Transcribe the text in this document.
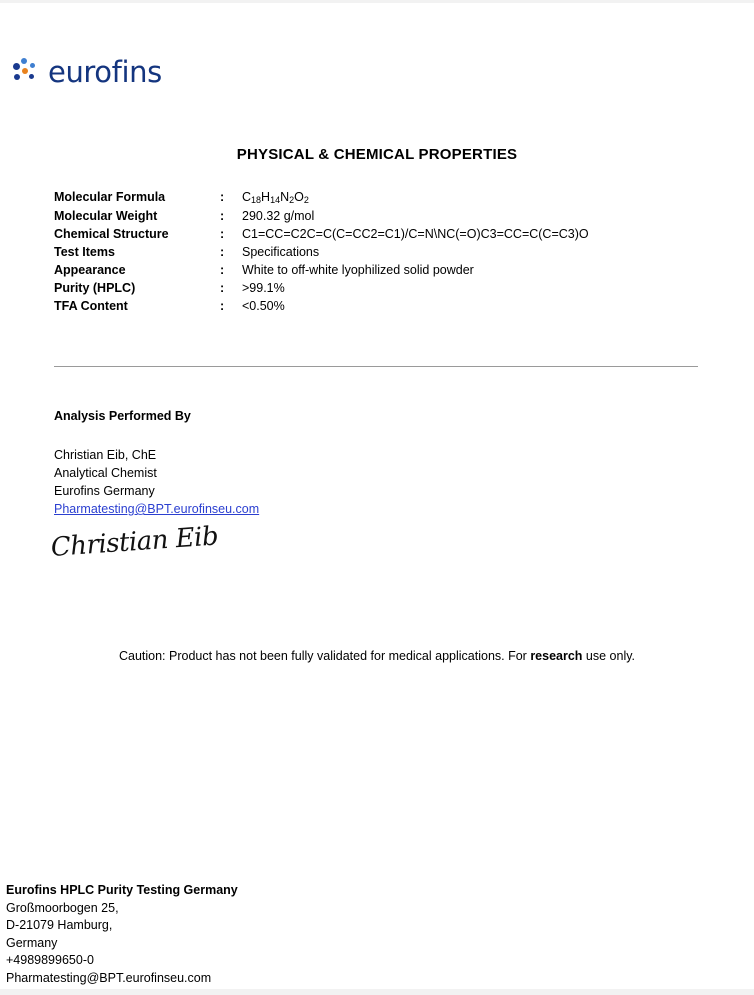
eurofins
PHYSICAL & CHEMICAL PROPERTIES
Molecular Formula	:	$C_{18}H_{14}N_2O_2$
Molecular Weight	:	290.32 g/mol
Chemical Structure	:	C1=CC=C2C=C(C=CC2=C1)/C=N\NC(=O)C3=CC=C(C=C3)O
Test Items	:	Specifications
Appearance	:	White to off-white lyophilized solid powder
Purity (HPLC)	:	>99.1%
TFA Content	:	<0.50%
Analysis Performed By
Christian Eib, ChE
Analytical Chemist
Eurofins Germany
Pharmatesting@BPT.eurofinseu.com
Christian Eib
Caution: Product has not been fully validated for medical applications. For research use only.
Eurofins HPLC Purity Testing Germany
Großmoorbogen 25,
D-21079 Hamburg,
Germany
+4989899650-0
Pharmatesting@BPT.eurofinseu.com
